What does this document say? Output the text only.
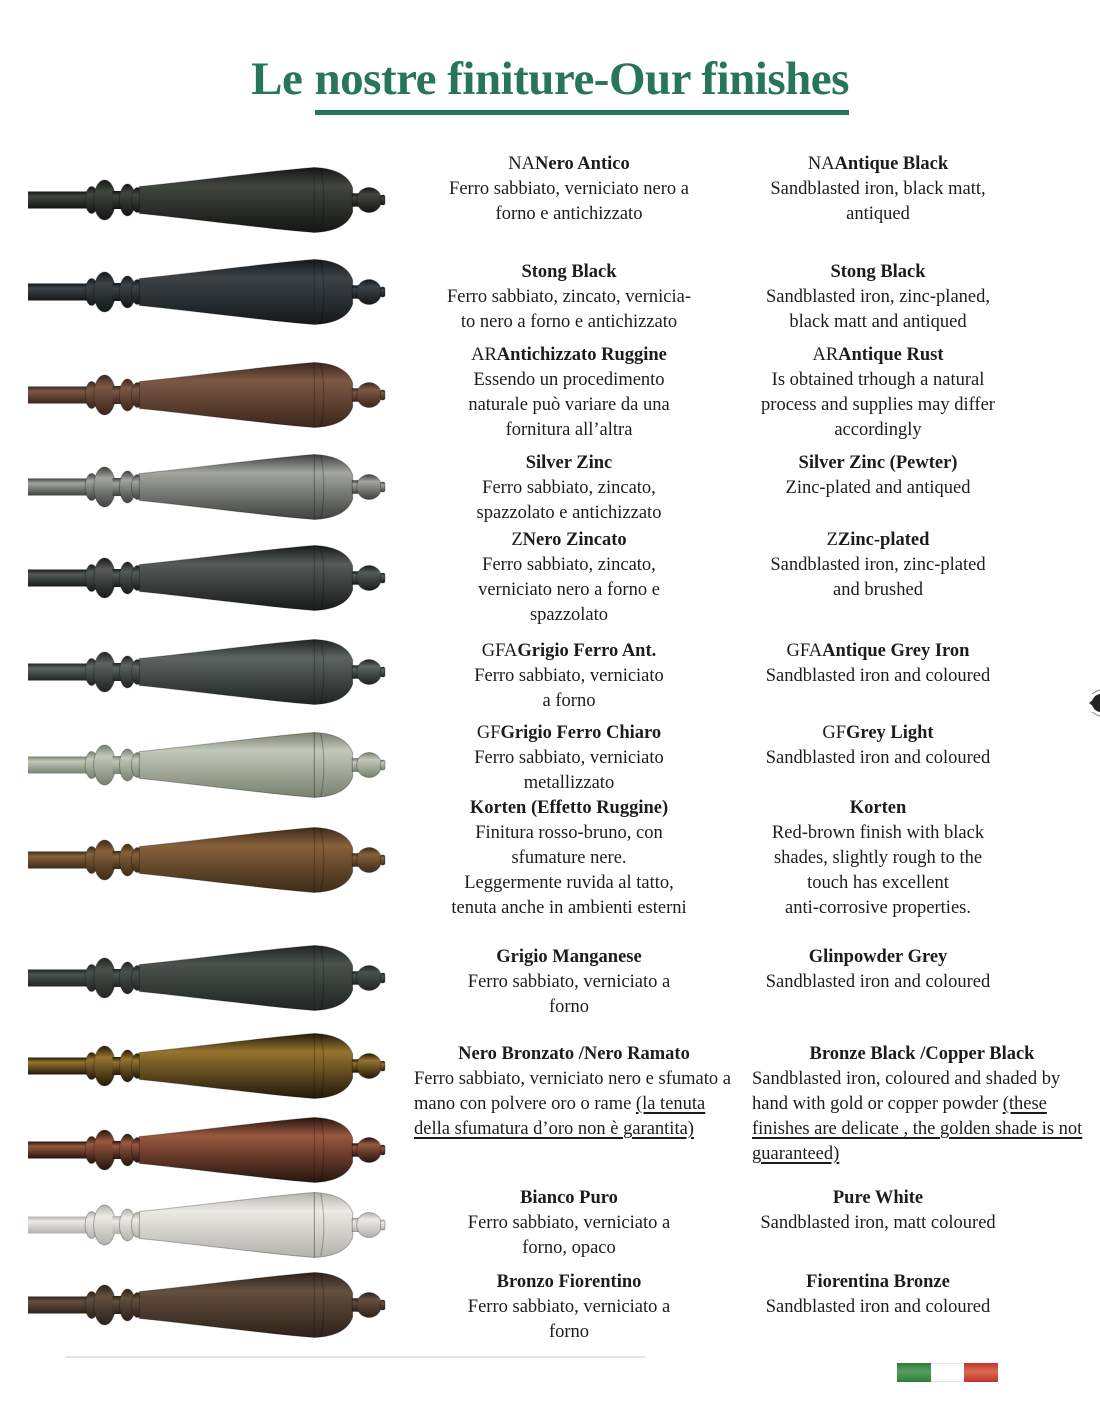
Le nostre finiture-Our finishes
NANero Antico
Ferro sabbiato, verniciato nero a
forno e antichizzato
NAAntique Black
Sandblasted iron, black matt,
antiqued
Stong Black
Ferro sabbiato, zincato, vernicia-
to nero a forno e antichizzato
Stong Black
Sandblasted iron, zinc-planed,
black matt and antiqued
ARAntichizzato Ruggine
Essendo un procedimento
naturale può variare da una
fornitura all’altra
ARAntique Rust
Is obtained trhough a natural
process and supplies may differ
accordingly
Silver Zinc
Ferro sabbiato, zincato,
spazzolato e antichizzato
Silver Zinc (Pewter)
Zinc-plated and antiqued
ZNero Zincato
Ferro sabbiato, zincato,
verniciato nero a forno e
spazzolato
ZZinc-plated
Sandblasted iron, zinc-plated
and brushed
GFAGrigio Ferro Ant.
Ferro sabbiato, verniciato
a forno
GFAAntique Grey Iron
Sandblasted iron and coloured
GFGrigio Ferro Chiaro
Ferro sabbiato, verniciato
metallizzato
GFGrey Light
Sandblasted iron and coloured
Korten (Effetto Ruggine)
Finitura rosso-bruno, con
sfumature nere.
Leggermente ruvida al tatto,
tenuta anche in ambienti esterni
Korten
Red-brown finish with black
shades, slightly rough to the
touch has excellent
anti-corrosive properties.
Grigio Manganese
Ferro sabbiato, verniciato a
forno
Glinpowder Grey
Sandblasted iron and coloured
Nero Bronzato /Nero Ramato
Ferro sabbiato, verniciato nero e sfumato a mano con polvere oro o rame (la tenuta della sfumatura d’oro non è garantita)
Bronze Black /Copper Black
Sandblasted iron, coloured and shaded by hand with gold or copper powder (these finishes are delicate , the golden shade is not guaranteed)
Bianco Puro
Ferro sabbiato, verniciato a
forno, opaco
Pure White
Sandblasted iron, matt coloured
Bronzo Fiorentino
Ferro sabbiato, verniciato a
forno
Fiorentina Bronze
Sandblasted iron and coloured
